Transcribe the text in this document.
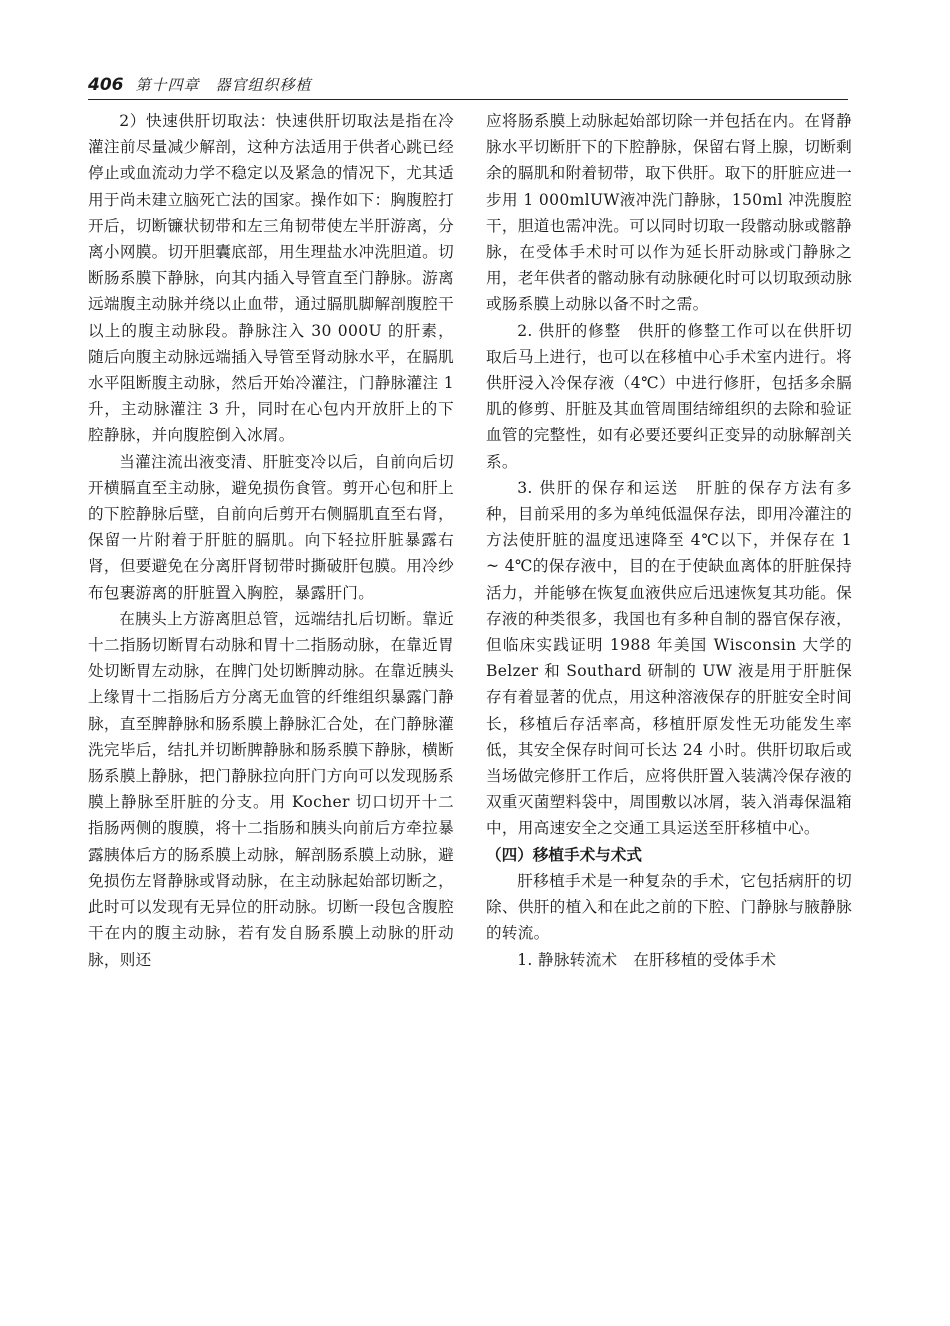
406 第十四章　器官组织移植

2）快速供肝切取法：快速供肝切取法是指在冷灌注前尽量减少解剖，这种方法适用于供者心跳已经停止或血流动力学不稳定以及紧急的情况下，尤其适用于尚未建立脑死亡法的国家。操作如下：胸腹腔打开后，切断镰状韧带和左三角韧带使左半肝游离，分离小网膜。切开胆囊底部，用生理盐水冲洗胆道。切断肠系膜下静脉，向其内插入导管直至门静脉。游离远端腹主动脉并绕以止血带，通过膈肌脚解剖腹腔干以上的腹主动脉段。静脉注入 30 000U 的肝素，随后向腹主动脉远端插入导管至肾动脉水平，在膈肌水平阻断腹主动脉，然后开始冷灌注，门静脉灌注 1 升，主动脉灌注 3 升，同时在心包内开放肝上的下腔静脉，并向腹腔倒入冰屑。

当灌注流出液变清、肝脏变冷以后，自前向后切开横膈直至主动脉，避免损伤食管。剪开心包和肝上的下腔静脉后壁，自前向后剪开右侧膈肌直至右肾，保留一片附着于肝脏的膈肌。向下轻拉肝脏暴露右肾，但要避免在分离肝肾韧带时撕破肝包膜。用冷纱布包裹游离的肝脏置入胸腔，暴露肝门。

在胰头上方游离胆总管，远端结扎后切断。靠近十二指肠切断胃右动脉和胃十二指肠动脉，在靠近胃处切断胃左动脉，在脾门处切断脾动脉。在靠近胰头上缘胃十二指肠后方分离无血管的纤维组织暴露门静脉，直至脾静脉和肠系膜上静脉汇合处，在门静脉灌洗完毕后，结扎并切断脾静脉和肠系膜下静脉，横断肠系膜上静脉，把门静脉拉向肝门方向可以发现肠系膜上静脉至肝脏的分支。用 Kocher 切口切开十二指肠两侧的腹膜，将十二指肠和胰头向前后方牵拉暴露胰体后方的肠系膜上动脉，解剖肠系膜上动脉，避免损伤左肾静脉或肾动脉，在主动脉起始部切断之，此时可以发现有无异位的肝动脉。切断一段包含腹腔干在内的腹主动脉，若有发自肠系膜上动脉的肝动脉，则还

应将肠系膜上动脉起始部切除一并包括在内。在肾静脉水平切断肝下的下腔静脉，保留右肾上腺，切断剩余的膈肌和附着韧带，取下供肝。取下的肝脏应进一步用 1 000mlUW液冲洗门静脉，150ml 冲洗腹腔干，胆道也需冲洗。可以同时切取一段髂动脉或髂静脉，在受体手术时可以作为延长肝动脉或门静脉之用，老年供者的髂动脉有动脉硬化时可以切取颈动脉或肠系膜上动脉以备不时之需。

2. 供肝的修整　供肝的修整工作可以在供肝切取后马上进行，也可以在移植中心手术室内进行。将供肝浸入冷保存液（4℃）中进行修肝，包括多余膈肌的修剪、肝脏及其血管周围结缔组织的去除和验证血管的完整性，如有必要还要纠正变异的动脉解剖关系。

3. 供肝的保存和运送　肝脏的保存方法有多种，目前采用的多为单纯低温保存法，即用冷灌注的方法使肝脏的温度迅速降至 4℃以下，并保存在 1 ~ 4℃的保存液中，目的在于使缺血离体的肝脏保持活力，并能够在恢复血液供应后迅速恢复其功能。保存液的种类很多，我国也有多种自制的器官保存液，但临床实践证明 1988 年美国 Wisconsin 大学的 Belzer 和 Southard 研制的 UW 液是用于肝脏保存有着显著的优点，用这种溶液保存的肝脏安全时间长，移植后存活率高，移植肝原发性无功能发生率低，其安全保存时间可长达 24 小时。供肝切取后或当场做完修肝工作后，应将供肝置入装满冷保存液的双重灭菌塑料袋中，周围敷以冰屑，装入消毒保温箱中，用高速安全之交通工具运送至肝移植中心。

（四）移植手术与术式

肝移植手术是一种复杂的手术，它包括病肝的切除、供肝的植入和在此之前的下腔、门静脉与腋静脉的转流。

1. 静脉转流术　在肝移植的受体手术
